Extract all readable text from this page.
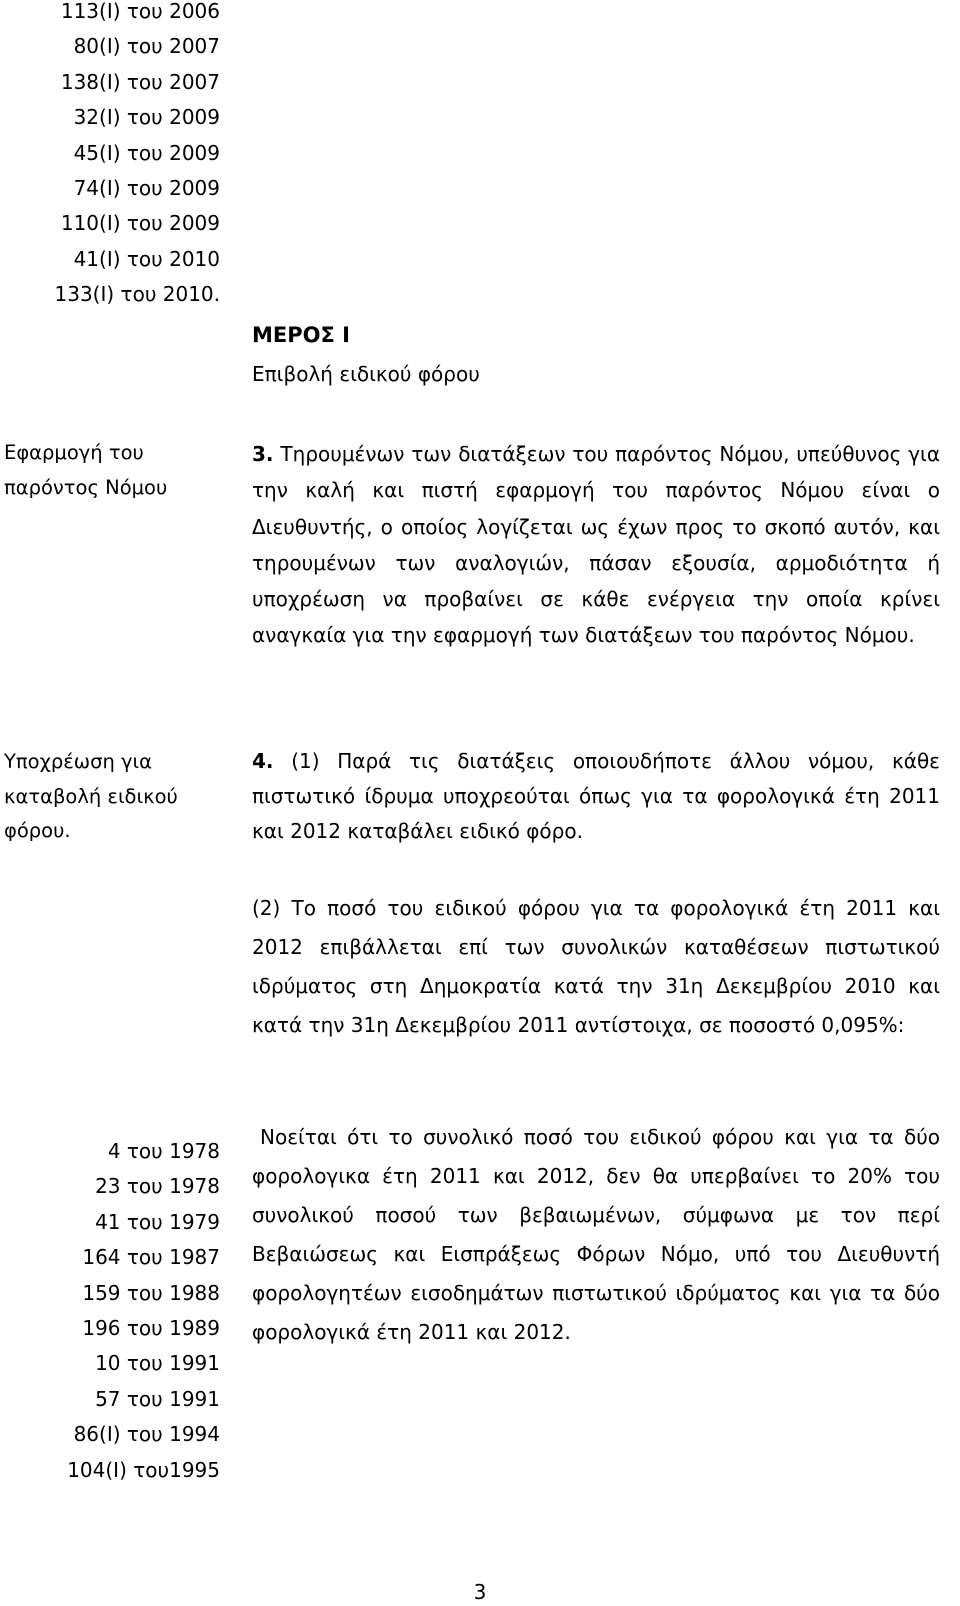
113(Ι) του 2006
80(Ι) του 2007
138(Ι) του 2007
32(Ι) του 2009
45(Ι) του 2009
74(Ι) του 2009
110(Ι) του 2009
41(Ι) του 2010
133(Ι) του 2010.
ΜΕΡΟΣ Ι
Επιβολή ειδικού φόρου
Εφαρμογή του παρόντος Νόμου
Υποχρέωση για καταβολή ειδικού φόρου.

3. Τηρουμένων των διατάξεων του παρόντος Νόμου, υπεύθυνος για την καλή και πιστή εφαρμογή του παρόντος Νόμου είναι ο Διευθυντής, ο οποίος λογίζεται ως έχων προς το σκοπό αυτόν, και τηρουμένων των αναλογιών, πάσαν εξουσία, αρμοδιότητα ή υποχρέωση να προβαίνει σε κάθε ενέργεια την οποία κρίνει αναγκαία για την εφαρμογή των διατάξεων του παρόντος Νόμου.

4. (1) Παρά τις διατάξεις οποιουδήποτε άλλου νόμου, κάθε πιστωτικό ίδρυμα υποχρεούται όπως για τα φορολογικά έτη 2011 και 2012 καταβάλει ειδικό φόρο.

(2) Το ποσό του ειδικού φόρου για τα φορολογικά έτη 2011 και 2012 επιβάλλεται επί των συνολικών καταθέσεων πιστωτικού ιδρύματος στη Δημοκρατία κατά την 31η Δεκεμβρίου 2010 και κατά την 31η Δεκεμβρίου 2011 αντίστοιχα, σε ποσοστό 0,095%:

Νοείται ότι το συνολικό ποσό του ειδικού φόρου και για τα δύο φορολογικα έτη 2011 και 2012, δεν θα υπερβαίνει το 20% του συνολικού ποσού των βεβαιωμένων, σύμφωνα με τον περί Βεβαιώσεως και Εισπράξεως Φόρων Νόμο, υπό του Διευθυντή φορολογητέων εισοδημάτων πιστωτικού ιδρύματος και για τα δύο φορολογικά έτη 2011 και 2012.

4 του 1978
23 του 1978
41 του 1979
164 του 1987
159 του 1988
196 του 1989
10 του 1991
57 του 1991
86(Ι) του 1994
104(Ι) του1995
3
